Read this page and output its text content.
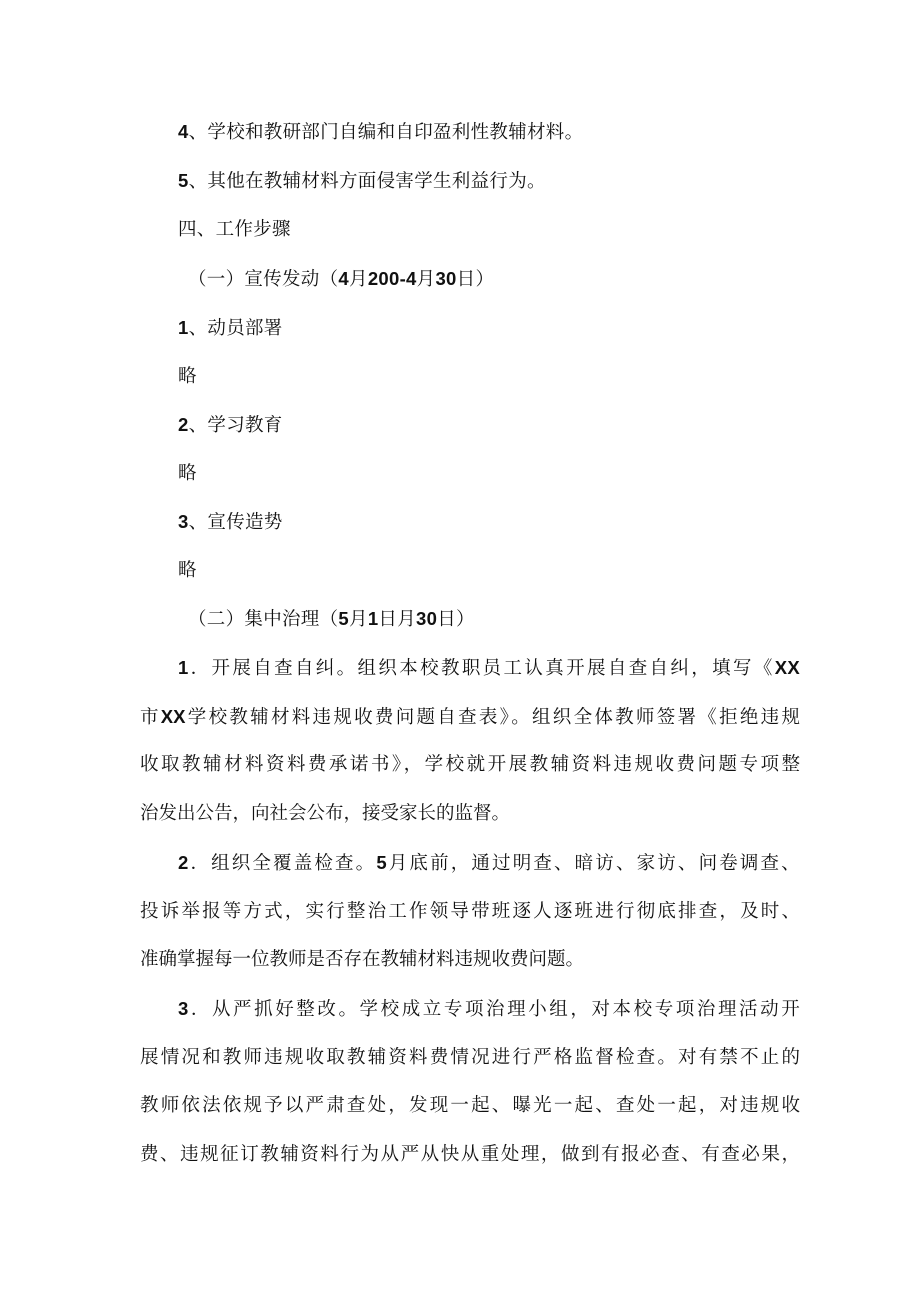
4、学校和教研部门自编和自印盈利性教辅材料。
5、其他在教辅材料方面侵害学生利益行为。
四、工作步骤
（一）宣传发动（4月200-4月30日）
1、动员部署
略
2、学习教育
略
3、宣传造势
略
（二）集中治理（5月1日月30日）
1．开展自查自纠。组织本校教职员工认真开展自查自纠，填写《XX
市XX学校教辅材料违规收费问题自查表》。组织全体教师签署《拒绝违规
收取教辅材料资料费承诺书》，学校就开展教辅资料违规收费问题专项整
治发出公告，向社会公布，接受家长的监督。
2．组织全覆盖检查。5月底前，通过明查、暗访、家访、问卷调查、
投诉举报等方式，实行整治工作领导带班逐人逐班进行彻底排查，及时、
准确掌握每一位教师是否存在教辅材料违规收费问题。
3．从严抓好整改。学校成立专项治理小组，对本校专项治理活动开
展情况和教师违规收取教辅资料费情况进行严格监督检查。对有禁不止的
教师依法依规予以严肃查处，发现一起、曝光一起、查处一起，对违规收
费、违规征订教辅资料行为从严从快从重处理，做到有报必查、有查必果，
